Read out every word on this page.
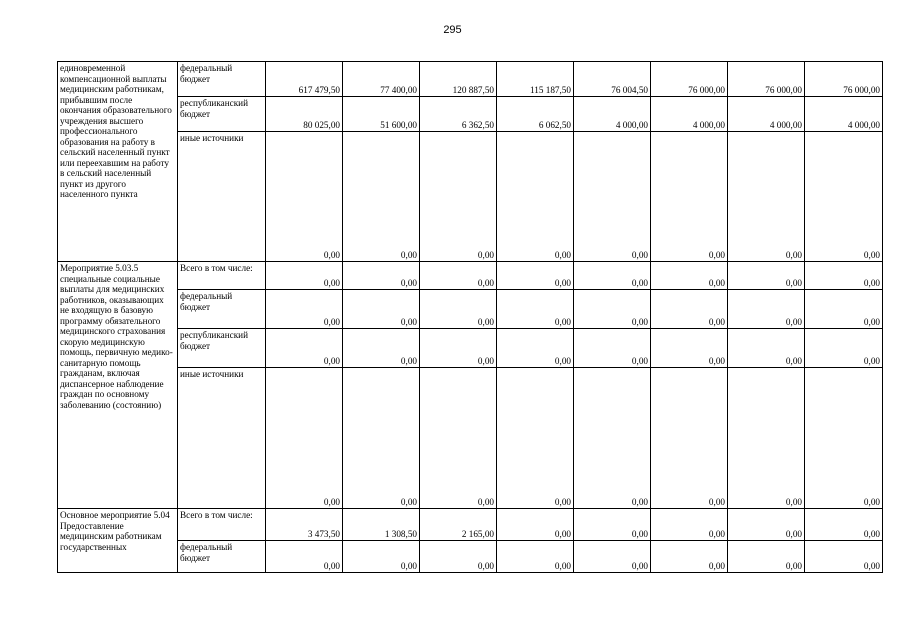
295
единовременной компенсационной выплаты медицинским работникам, прибывшим после окончания образовательного учреждения высшего профессионального образования на работу в сельский населенный пункт или переехавшим на работу в сельский населенный пункт из другого населенного пункта	федеральный бюджет	617 479,50	77 400,00	120 887,50	115 187,50	76 004,50	76 000,00	76 000,00	76 000,00
	республиканский бюджет	80 025,00	51 600,00	6 362,50	6 062,50	4 000,00	4 000,00	4 000,00	4 000,00
	иные источники	0,00	0,00	0,00	0,00	0,00	0,00	0,00	0,00
Мероприятие 5.03.5 специальные социальные выплаты для медицинских работников, оказывающих не входящую в базовую программу обязательного медицинского страхования скорую медицинскую помощь, первичную медико-санитарную помощь гражданам, включая диспансерное наблюдение граждан по основному заболеванию (состоянию)	Всего в том числе:	0,00	0,00	0,00	0,00	0,00	0,00	0,00	0,00
	федеральный бюджет	0,00	0,00	0,00	0,00	0,00	0,00	0,00	0,00
	республиканский бюджет	0,00	0,00	0,00	0,00	0,00	0,00	0,00	0,00
	иные источники	0,00	0,00	0,00	0,00	0,00	0,00	0,00	0,00
Основное мероприятие 5.04 Предоставление медицинским работникам государственных	Всего в том числе:	3 473,50	1 308,50	2 165,00	0,00	0,00	0,00	0,00	0,00
	федеральный бюджет	0,00	0,00	0,00	0,00	0,00	0,00	0,00	0,00
